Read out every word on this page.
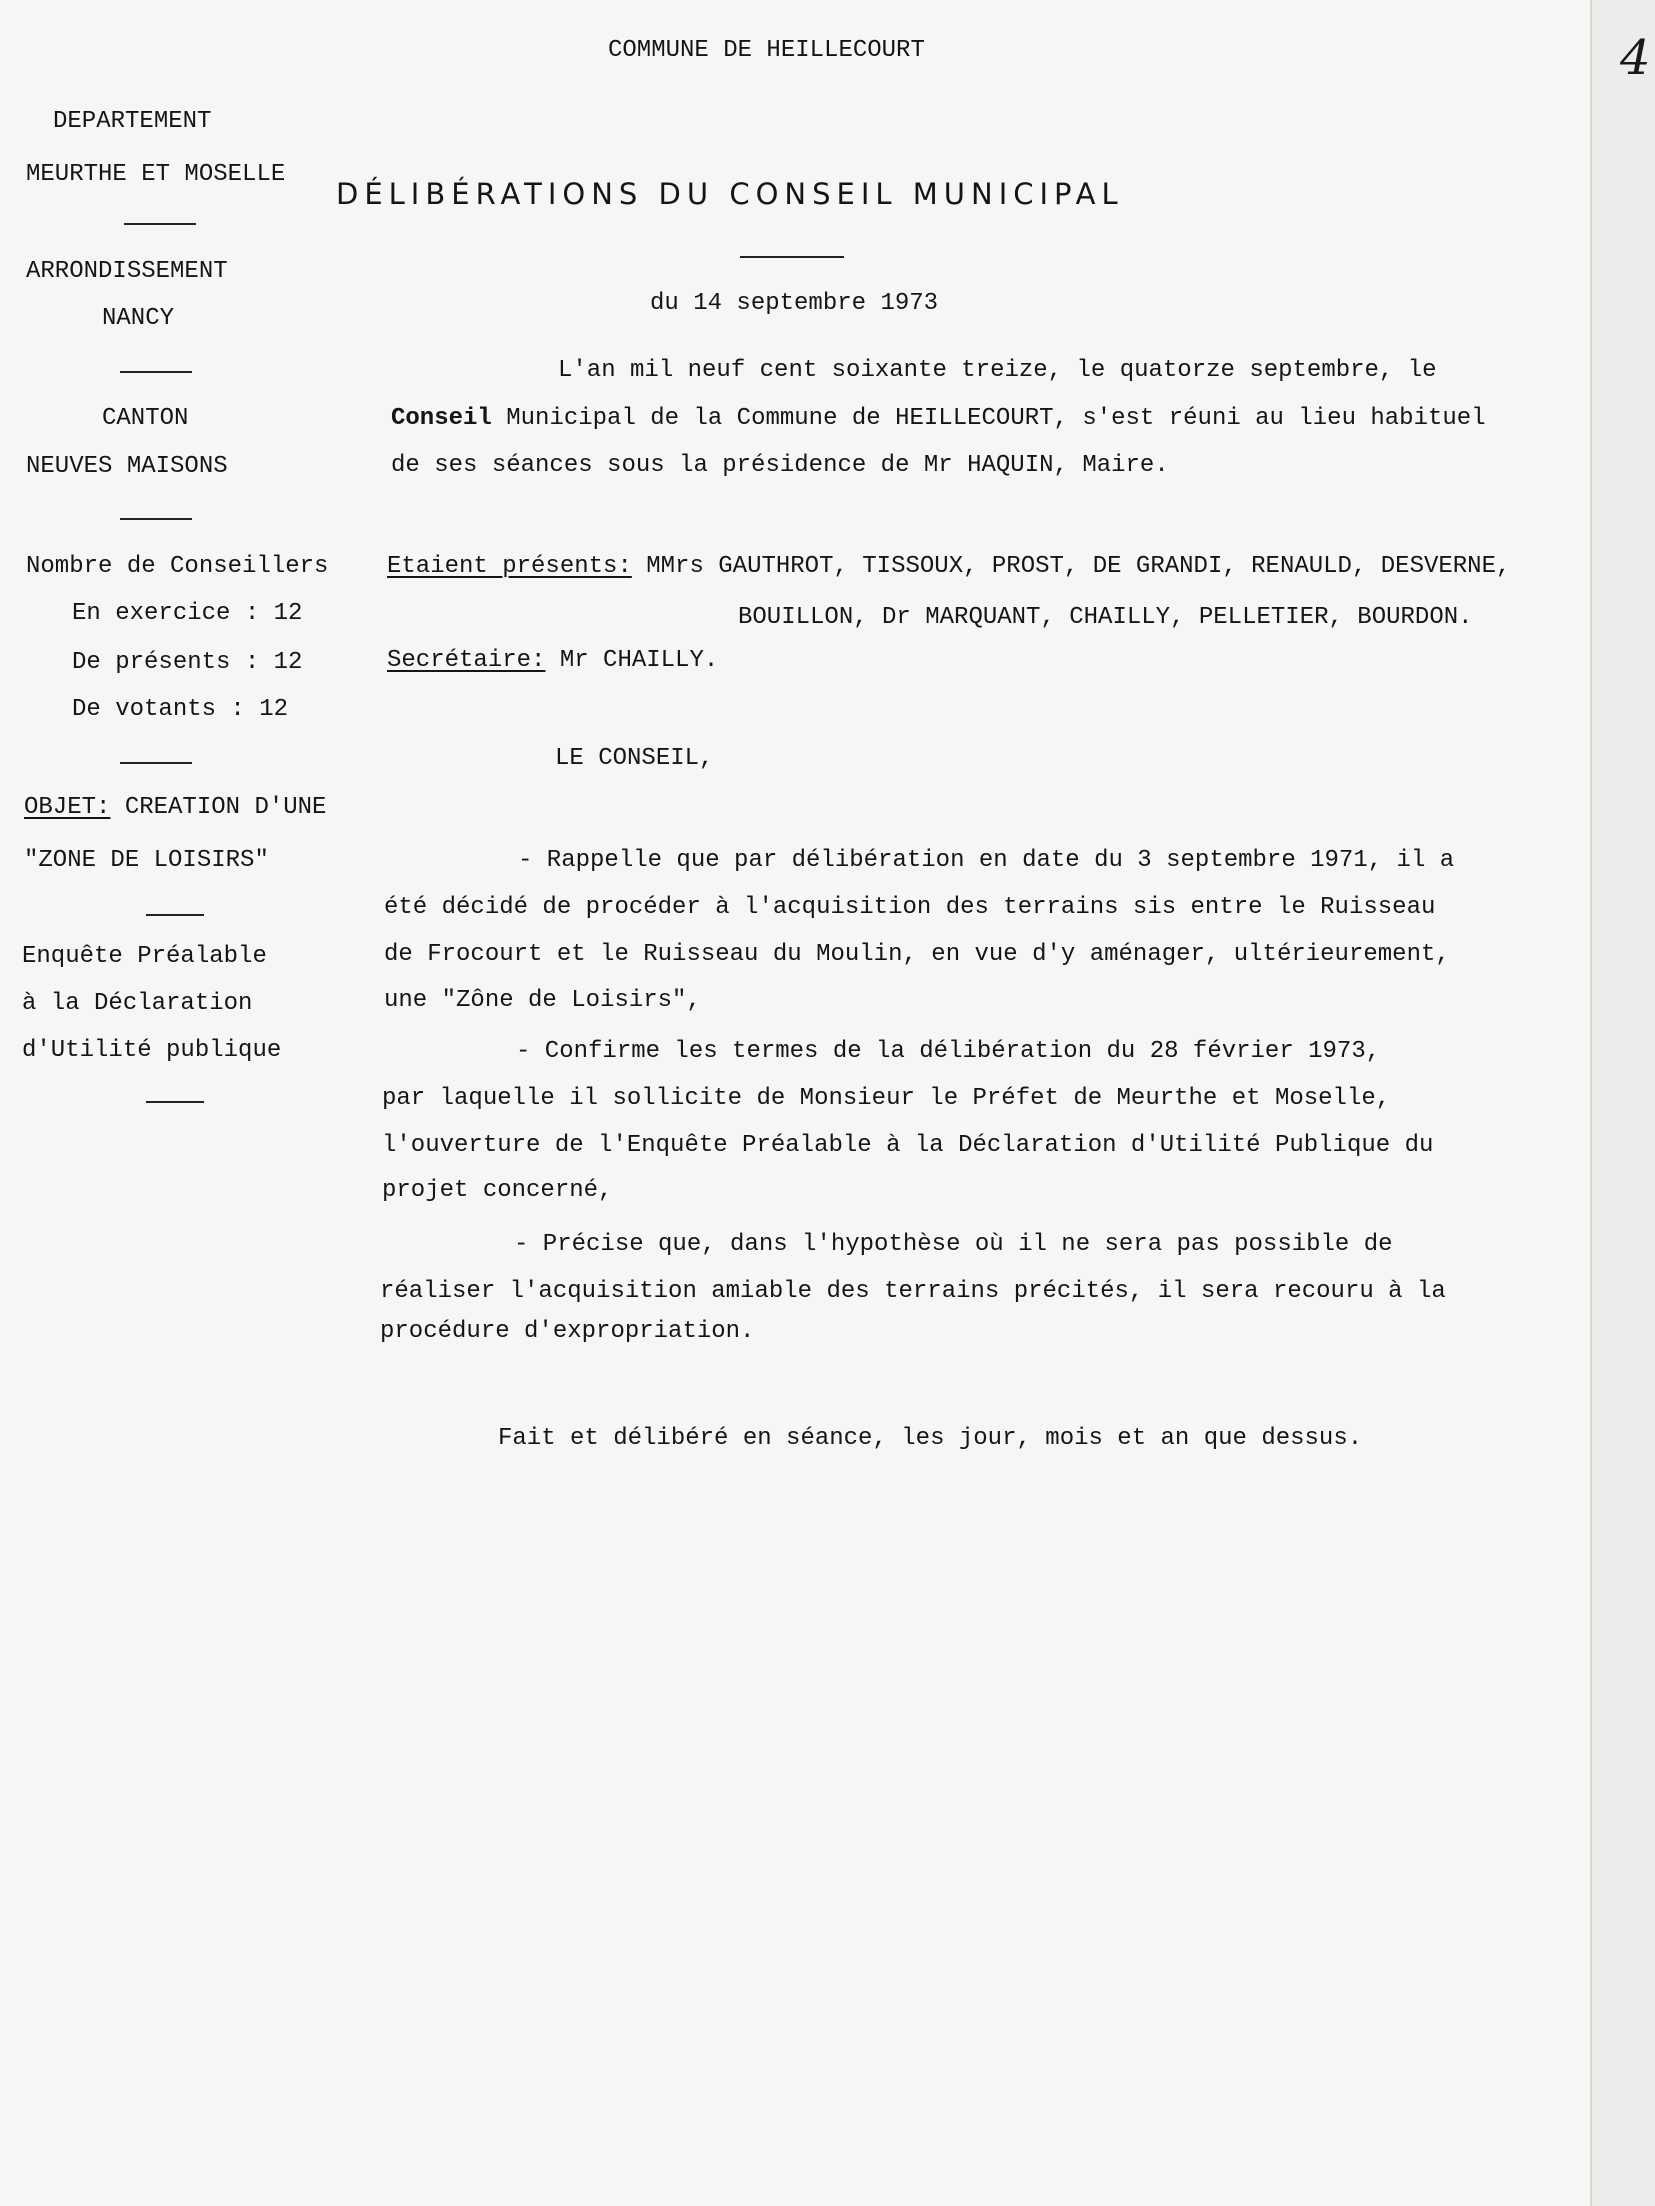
COMMUNE DE HEILLECOURT	4
DÉLIBÉRATIONS DU CONSEIL MUNICIPAL
du 14 septembre 1973
DEPARTEMENT
MEURTHE ET MOSELLE
ARRONDISSEMENT
NANCY
CANTON
NEUVES MAISONS
Nombre de Conseillers
En exercice : 12
De présents : 12
De votants : 12
OBJET: CREATION D'UNE
"ZONE DE LOISIRS"
Enquête Préalable
à la Déclaration
d'Utilité publique
L'an mil neuf cent soixante treize, le quatorze septembre, le
Conseil Municipal de la Commune de HEILLECOURT, s'est réuni au lieu habituel
de ses séances sous la présidence de Mr HAQUIN, Maire.
Etaient présents: MMrs GAUTHROT, TISSOUX, PROST, DE GRANDI, RENAULD, DESVERNE,
BOUILLON, Dr MARQUANT, CHAILLY, PELLETIER, BOURDON.
Secrétaire: Mr CHAILLY.
LE CONSEIL,
- Rappelle que par délibération en date du 3 septembre 1971, il a
été décidé de procéder à l'acquisition des terrains sis entre le Ruisseau
de Frocourt et le Ruisseau du Moulin, en vue d'y aménager, ultérieurement,
une "Zône de Loisirs",
- Confirme les termes de la délibération du 28 février 1973,
par laquelle il sollicite de Monsieur le Préfet de Meurthe et Moselle,
l'ouverture de l'Enquête Préalable à la Déclaration d'Utilité Publique du
projet concerné,
- Précise que, dans l'hypothèse où il ne sera pas possible de
réaliser l'acquisition amiable des terrains précités, il sera recouru à la
procédure d'expropriation.
Fait et délibéré en séance, les jour, mois et an que dessus.
